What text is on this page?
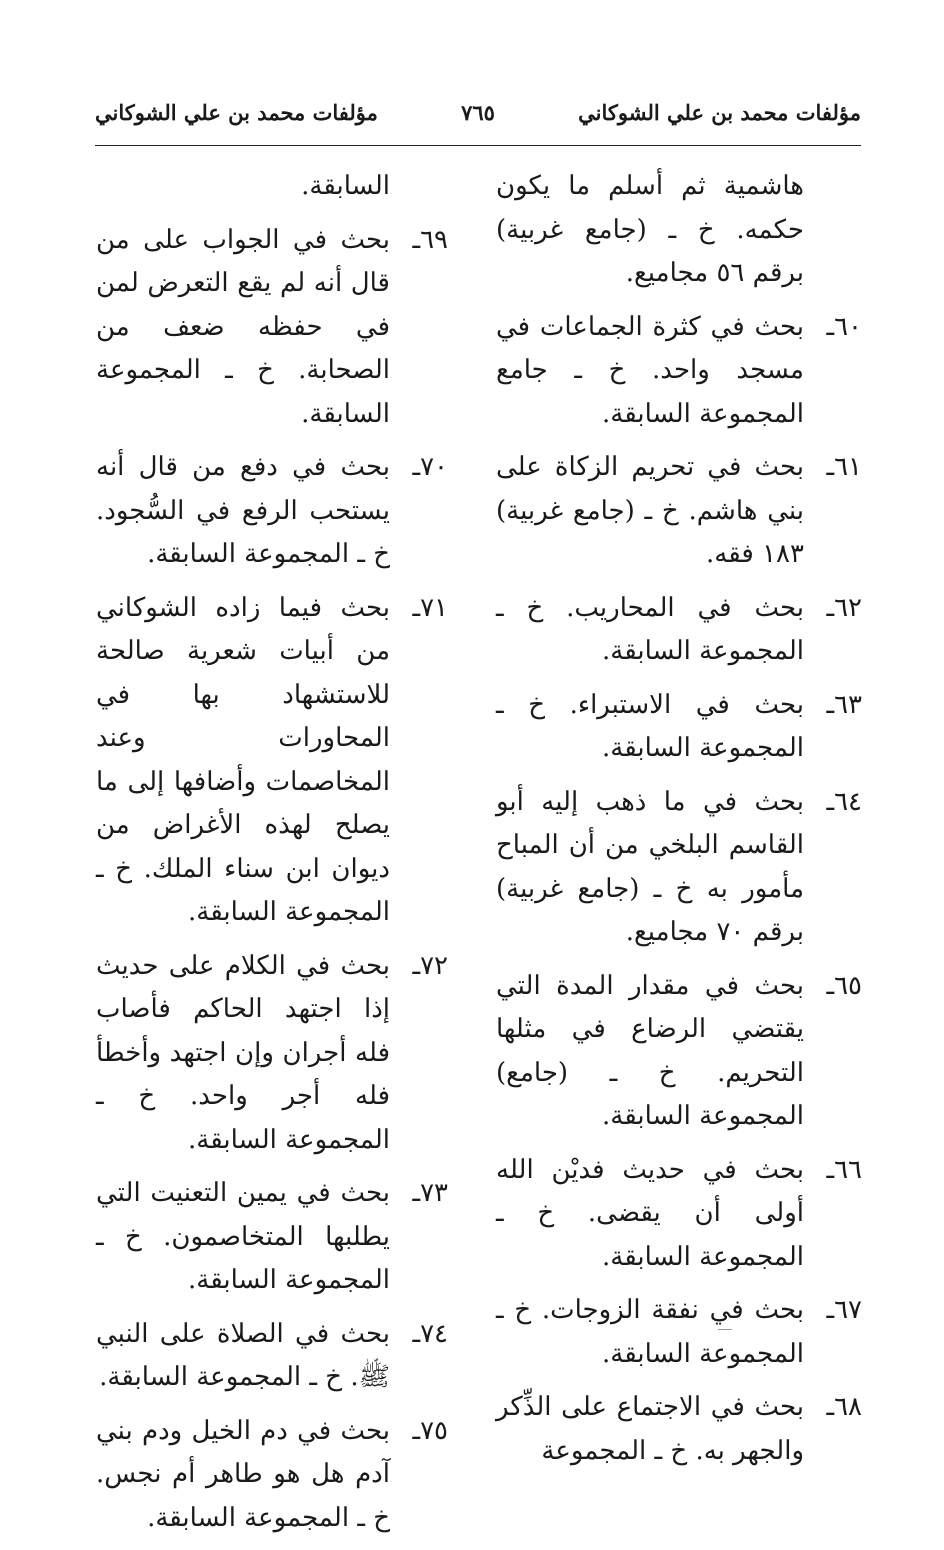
مؤلفات محمد بن علي الشوكاني
٧٦٥
مؤلفات محمد بن علي الشوكاني
هاشمية ثم أسلم ما يكون حكمه. خ ـ (جامع غربية) برقم ٥٦ مجاميع.
٦٠ـ
بحث في كثرة الجماعات في مسجد واحد. خ ـ جامع المجموعة السابقة.
٦١ـ
بحث في تحريم الزكاة على بني هاشم. خ ـ (جامع غربية) ١٨٣ فقه.
٦٢ـ
بحث في المحاريب. خ ـ المجموعة السابقة.
٦٣ـ
بحث في الاستبراء. خ ـ المجموعة السابقة.
٦٤ـ
بحث في ما ذهب إليه أبو القاسم البلخي من أن المباح مأمور به خ ـ (جامع غربية) برقم ٧٠ مجاميع.
٦٥ـ
بحث في مقدار المدة التي يقتضي الرضاع في مثلها التحريم. خ ـ (جامع) المجموعة السابقة.
٦٦ـ
بحث في حديث فديْن الله أولى أن يقضى. خ ـ المجموعة السابقة.
٦٧ـ
بحث في نفقة الزوجات. خ ـ المجموعة السابقة.
٦٨ـ
بحث في الاجتماع على الذِّكر والجهر به. خ ـ المجموعة
السابقة.
٦٩ـ
بحث في الجواب على من قال أنه لم يقع التعرض لمن في حفظه ضعف من الصحابة. خ ـ المجموعة السابقة.
٧٠ـ
بحث في دفع من قال أنه يستحب الرفع في السُّجود. خ ـ المجموعة السابقة.
٧١ـ
بحث فيما زاده الشوكاني من أبيات شعرية صالحة للاستشهاد بها في المحاورات وعند المخاصمات وأضافها إلى ما يصلح لهذه الأغراض من ديوان ابن سناء الملك. خ ـ المجموعة السابقة.
٧٢ـ
بحث في الكلام على حديث إذا اجتهد الحاكم فأصاب فله أجران وإن اجتهد وأخطأ فله أجر واحد. خ ـ المجموعة السابقة.
٧٣ـ
بحث في يمين التعنيت التي يطلبها المتخاصمون. خ ـ المجموعة السابقة.
٧٤ـ
بحث في الصلاة على النبي ﷺ. خ ـ المجموعة السابقة.
٧٥ـ
بحث في دم الخيل ودم بني آدم هل هو طاهر أم نجس. خ ـ المجموعة السابقة.
